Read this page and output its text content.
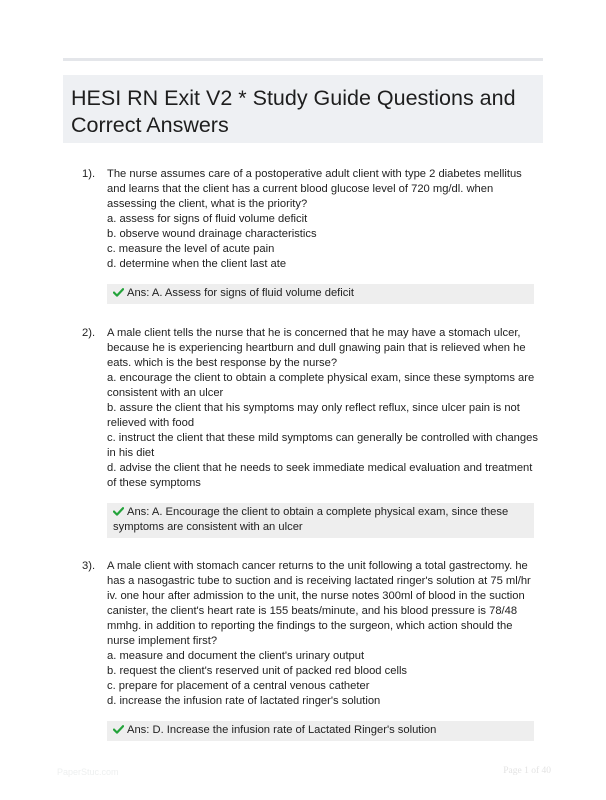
HESI RN Exit V2 * Study Guide Questions and Correct Answers
1). The nurse assumes care of a postoperative adult client with type 2 diabetes mellitus and learns that the client has a current blood glucose level of 720 mg/dl. when assessing the client, what is the priority?
a. assess for signs of fluid volume deficit
b. observe wound drainage characteristics
c. measure the level of acute pain
d. determine when the client last ate
Ans: A. Assess for signs of fluid volume deficit
2). A male client tells the nurse that he is concerned that he may have a stomach ulcer, because he is experiencing heartburn and dull gnawing pain that is relieved when he eats. which is the best response by the nurse?
a. encourage the client to obtain a complete physical exam, since these symptoms are consistent with an ulcer
b. assure the client that his symptoms may only reflect reflux, since ulcer pain is not relieved with food
c. instruct the client that these mild symptoms can generally be controlled with changes in his diet
d. advise the client that he needs to seek immediate medical evaluation and treatment of these symptoms
Ans: A. Encourage the client to obtain a complete physical exam, since these symptoms are consistent with an ulcer
3). A male client with stomach cancer returns to the unit following a total gastrectomy. he has a nasogastric tube to suction and is receiving lactated ringer's solution at 75 ml/hr iv. one hour after admission to the unit, the nurse notes 300ml of blood in the suction canister, the client's heart rate is 155 beats/minute, and his blood pressure is 78/48 mmhg. in addition to reporting the findings to the surgeon, which action should the nurse implement first?
a. measure and document the client's urinary output
b. request the client's reserved unit of packed red blood cells
c. prepare for placement of a central venous catheter
d. increase the infusion rate of lactated ringer's solution
Ans: D. Increase the infusion rate of Lactated Ringer's solution
PaperStuc.com	Page 1 of 40
